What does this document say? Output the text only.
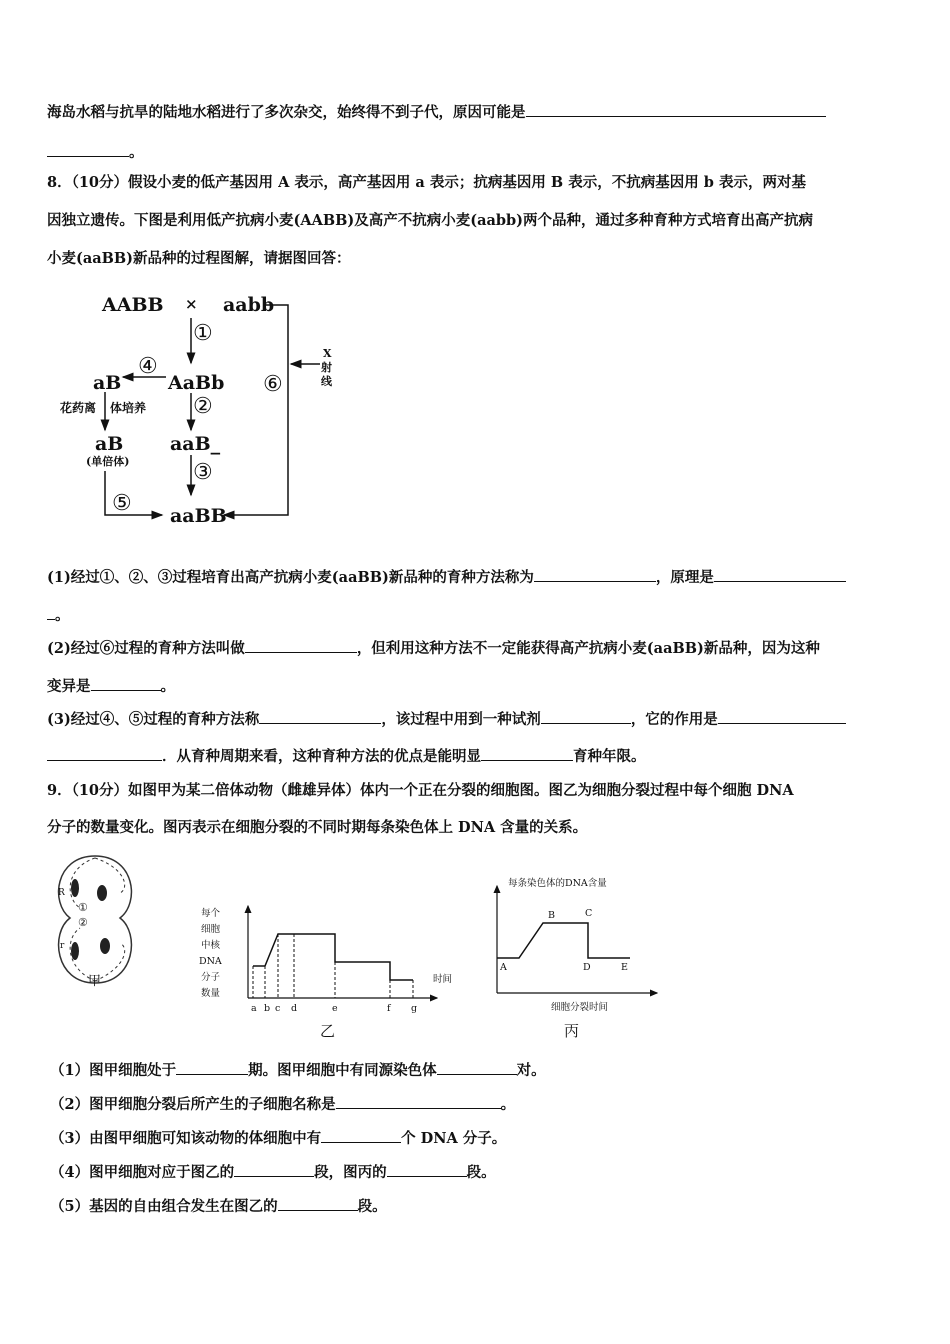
海岛水稻与抗旱的陆地水稻进行了多次杂交，始终得不到子代，原因可能是
。
8．（10分）假设小麦的低产基因用 A 表示，高产基因用 a 表示；抗病基因用 B 表示，不抗病基因用 b 表示，两对基
因独立遗传。下图是利用低产抗病小麦(AABB)及高产不抗病小麦(aabb)两个品种，通过多种育种方式培育出高产抗病
小麦(aaBB)新品种的过程图解，请据图回答：
AABB × aabb
AaBb
aB
aB
(单倍体)
aaB_
aaBB
花药离 体培养
X
射
线
①
④
②
③
⑤
⑥
(1)经过①、②、③过程培育出高产抗病小麦(aaBB)新品种的育种方法称为	，原理是
。
(2)经过⑥过程的育种方法叫做	，但利用这种方法不一定能获得高产抗病小麦(aaBB)新品种，因为这种
变异是	。
(3)经过④、⑤过程的育种方法称	，该过程中用到一种试剂	，它的作用是
．从育种周期来看，这种育种方法的优点是能明显	育种年限。
9．（10分）如图甲为某二倍体动物（雌雄异体）体内一个正在分裂的细胞图。图乙为细胞分裂过程中每个细胞 DNA
分子的数量变化。图丙表示在细胞分裂的不同时期每条染色体上 DNA 含量的关系。
R
r
①
②
甲
a b c d	e	f g
时间
每个
细胞
中核
DNA
分子
数量
乙
每条染色体的DNA含量
细胞分裂时间
A
B	C
D	E
丙
（1）图甲细胞处于	期。图甲细胞中有同源染色体	对。
（2）图甲细胞分裂后所产生的子细胞名称是	。
（3）由图甲细胞可知该动物的体细胞中有	个 DNA 分子。
（4）图甲细胞对应于图乙的	段，图丙的	段。
（5）基因的自由组合发生在图乙的	段。
